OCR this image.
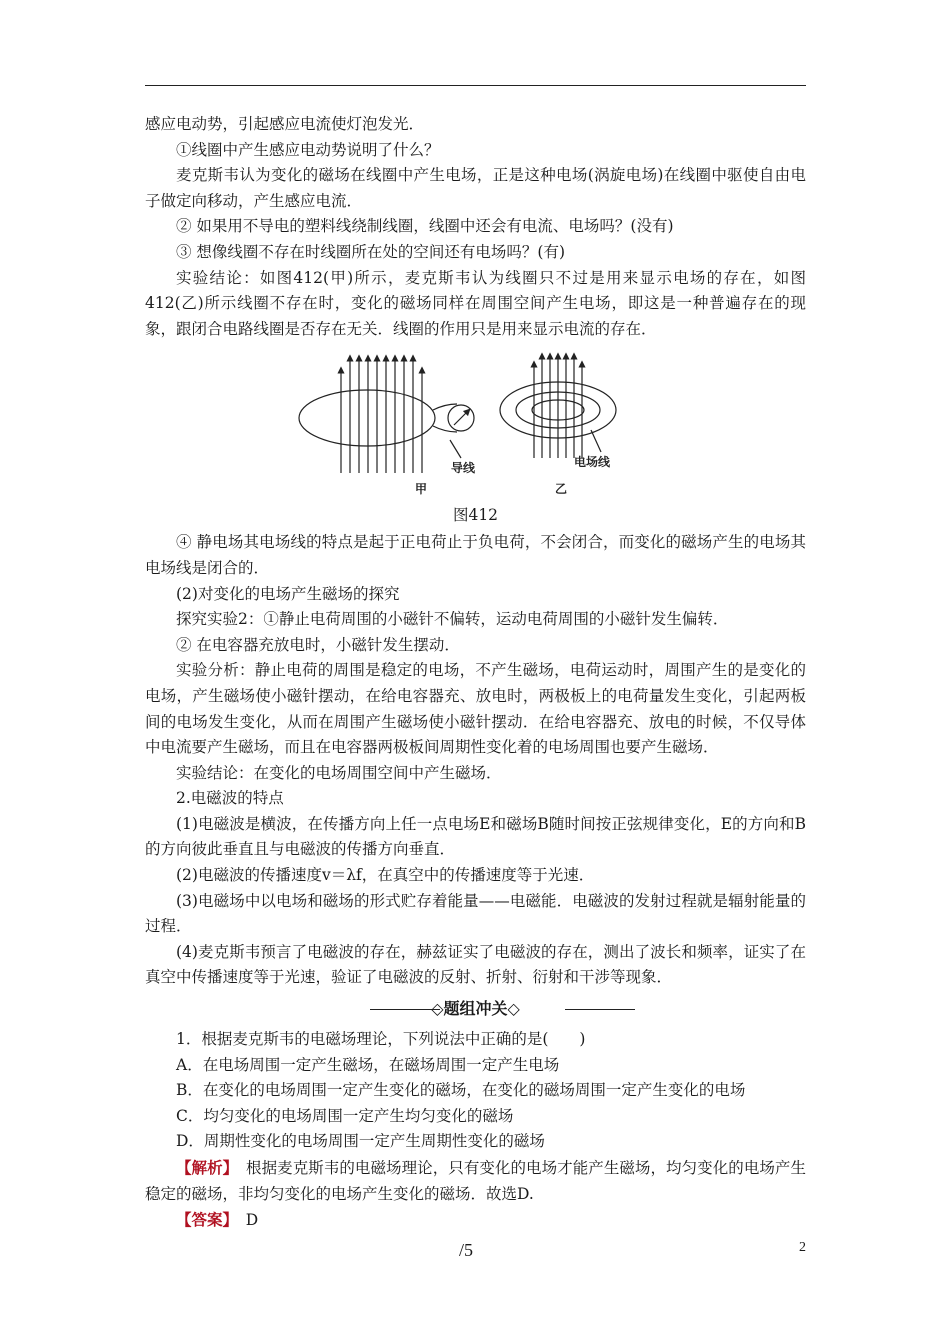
感应电动势，引起感应电流使灯泡发光．

①线圈中产生感应电动势说明了什么？

麦克斯韦认为变化的磁场在线圈中产生电场，正是这种电场(涡旋电场)在线圈中驱使自由电子做定向移动，产生感应电流．

② 如果用不导电的塑料线绕制线圈，线圈中还会有电流、电场吗？(没有)

③ 想像线圈不存在时线圈所在处的空间还有电场吗？(有)

实验结论：如图412(甲)所示，麦克斯韦认为线圈只不过是用来显示电场的存在，如图412(乙)所示线圈不存在时，变化的磁场同样在周围空间产生电场，即这是一种普遍存在的现象，跟闭合电路线圈是否存在无关．线圈的作用只是用来显示电流的存在．

导线
甲
电场线
乙
图412

④ 静电场其电场线的特点是起于正电荷止于负电荷，不会闭合，而变化的磁场产生的电场其电场线是闭合的．

(2)对变化的电场产生磁场的探究

探究实验2：①静止电荷周围的小磁针不偏转，运动电荷周围的小磁针发生偏转．

② 在电容器充放电时，小磁针发生摆动．

实验分析：静止电荷的周围是稳定的电场，不产生磁场，电荷运动时，周围产生的是变化的电场，产生磁场使小磁针摆动，在给电容器充、放电时，两极板上的电荷量发生变化，引起两板间的电场发生变化，从而在周围产生磁场使小磁针摆动．在给电容器充、放电的时候，不仅导体中电流要产生磁场，而且在电容器两极板间周期性变化着的电场周围也要产生磁场．

实验结论：在变化的电场周围空间中产生磁场．

2.电磁波的特点

(1)电磁波是横波，在传播方向上任一点电场E和磁场B随时间按正弦规律变化，E的方向和B的方向彼此垂直且与电磁波的传播方向垂直．

(2)电磁波的传播速度v＝λf，在真空中的传播速度等于光速．

(3)电磁场中以电场和磁场的形式贮存着能量——电磁能．电磁波的发射过程就是辐射能量的过程．

(4)麦克斯韦预言了电磁波的存在，赫兹证实了电磁波的存在，测出了波长和频率，证实了在真空中传播速度等于光速，验证了电磁波的反射、折射、衍射和干涉等现象．

◇题组冲关◇

1．根据麦克斯韦的电磁场理论，下列说法中正确的是(　　)

A．在电场周围一定产生磁场，在磁场周围一定产生电场

B．在变化的电场周围一定产生变化的磁场，在变化的磁场周围一定产生变化的电场

C．均匀变化的电场周围一定产生均匀变化的磁场

D．周期性变化的电场周围一定产生周期性变化的磁场

【解析】　根据麦克斯韦的电磁场理论，只有变化的电场才能产生磁场，均匀变化的电场产生稳定的磁场，非均匀变化的电场产生变化的磁场．故选D.

【答案】　D

/5	2
